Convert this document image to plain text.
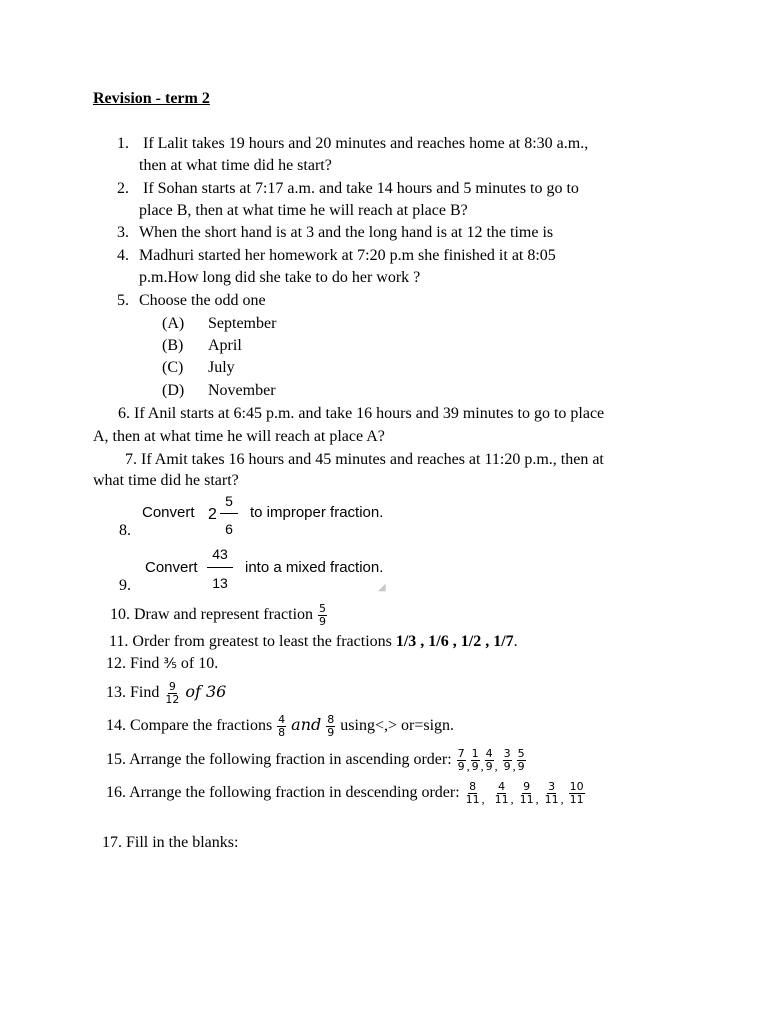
Revision - term 2
1. If Lalit takes 19 hours and 20 minutes and reaches home at 8:30 a.m.,
then at what time did he start?
2. If Sohan starts at 7:17 a.m. and take 14 hours and 5 minutes to go to
place B, then at what time he will reach at place B?
3. When the short hand is at 3 and the long hand is at 12 the time is
4. Madhuri started her homework at 7:20 p.m she finished it at 8:05
p.m.How long did she take to do her work ?
5. Choose the odd one
(A) September
(B) April
(C) July
(D) November
6. If Anil starts at 6:45 p.m. and take 16 hours and 39 minutes to go to place
A, then at what time he will reach at place A?
7. If Amit takes 16 hours and 45 minutes and reaches at 11:20 p.m., then at
what time did he start?
8.
Convert 2
5
6
to improper fraction.
9.
Convert
43
13
into a mixed fraction.
◢
10. Draw and represent fraction $\frac{5}{9}$
11. Order from greatest to least the fractions 1/3 , 1/6 , 1/2 , 1/7.
12. Find ⅗ of 10.
13. Find $\frac{9}{12}$ of 36
14. Compare the fractions $\frac{4}{8}$ and $\frac{8}{9} using<,>$ or=sign.
15. Arrange the following fraction in ascending order: $\frac{7}{9} _, \frac{1}{9} _, \frac{4}{9} _, \frac{3}{9} _, \frac{5}{9}$
16. Arrange the following fraction in descending order: $\frac{8}{11} _, \frac{4}{11} _, \frac{9}{11} _, \frac{3}{11} _, \frac{10}{11}$
17. Fill in the blanks:
